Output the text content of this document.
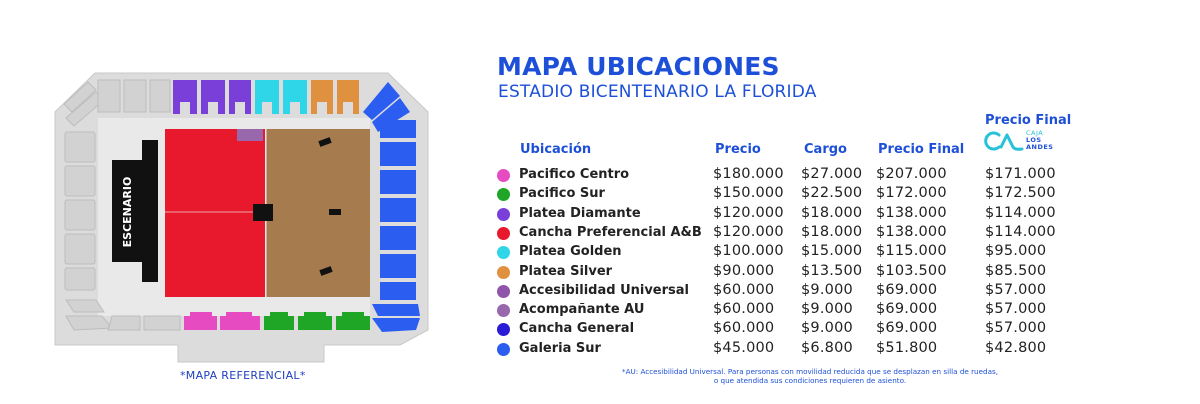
ESCENARIO
*MAPA REFERENCIAL*
MAPA UBICACIONES
ESTADIO BICENTENARIO LA FLORIDA
Ubicación	Precio	Cargo Precio Final
Precio Final
CAJA
LOS
ANDES
Pacifico Centro	$180.000 $27.000 $207.000	$171.000
Pacifico Sur	$150.000 $22.500 $172.000	$172.500
Platea Diamante	$120.000 $18.000 $138.000	$114.000
Cancha Preferencial A&B $120.000 $18.000 $138.000	$114.000
Platea Golden	$100.000 $15.000 $115.000	$95.000
Platea Silver	$90.000 $13.500 $103.500	$85.500
Accesibilidad Universal $60.000 $9.000 $69.000	$57.000
Acompañante AU	$60.000 $9.000 $69.000	$57.000
Cancha General	$60.000 $9.000 $69.000	$57.000
Galeria Sur	$45.000 $6.800 $51.800	$42.800
*AU: Accesibilidad Universal. Para personas con movilidad reducida que se desplazan en silla de ruedas,
o que atendida sus condiciones requieren de asiento.
